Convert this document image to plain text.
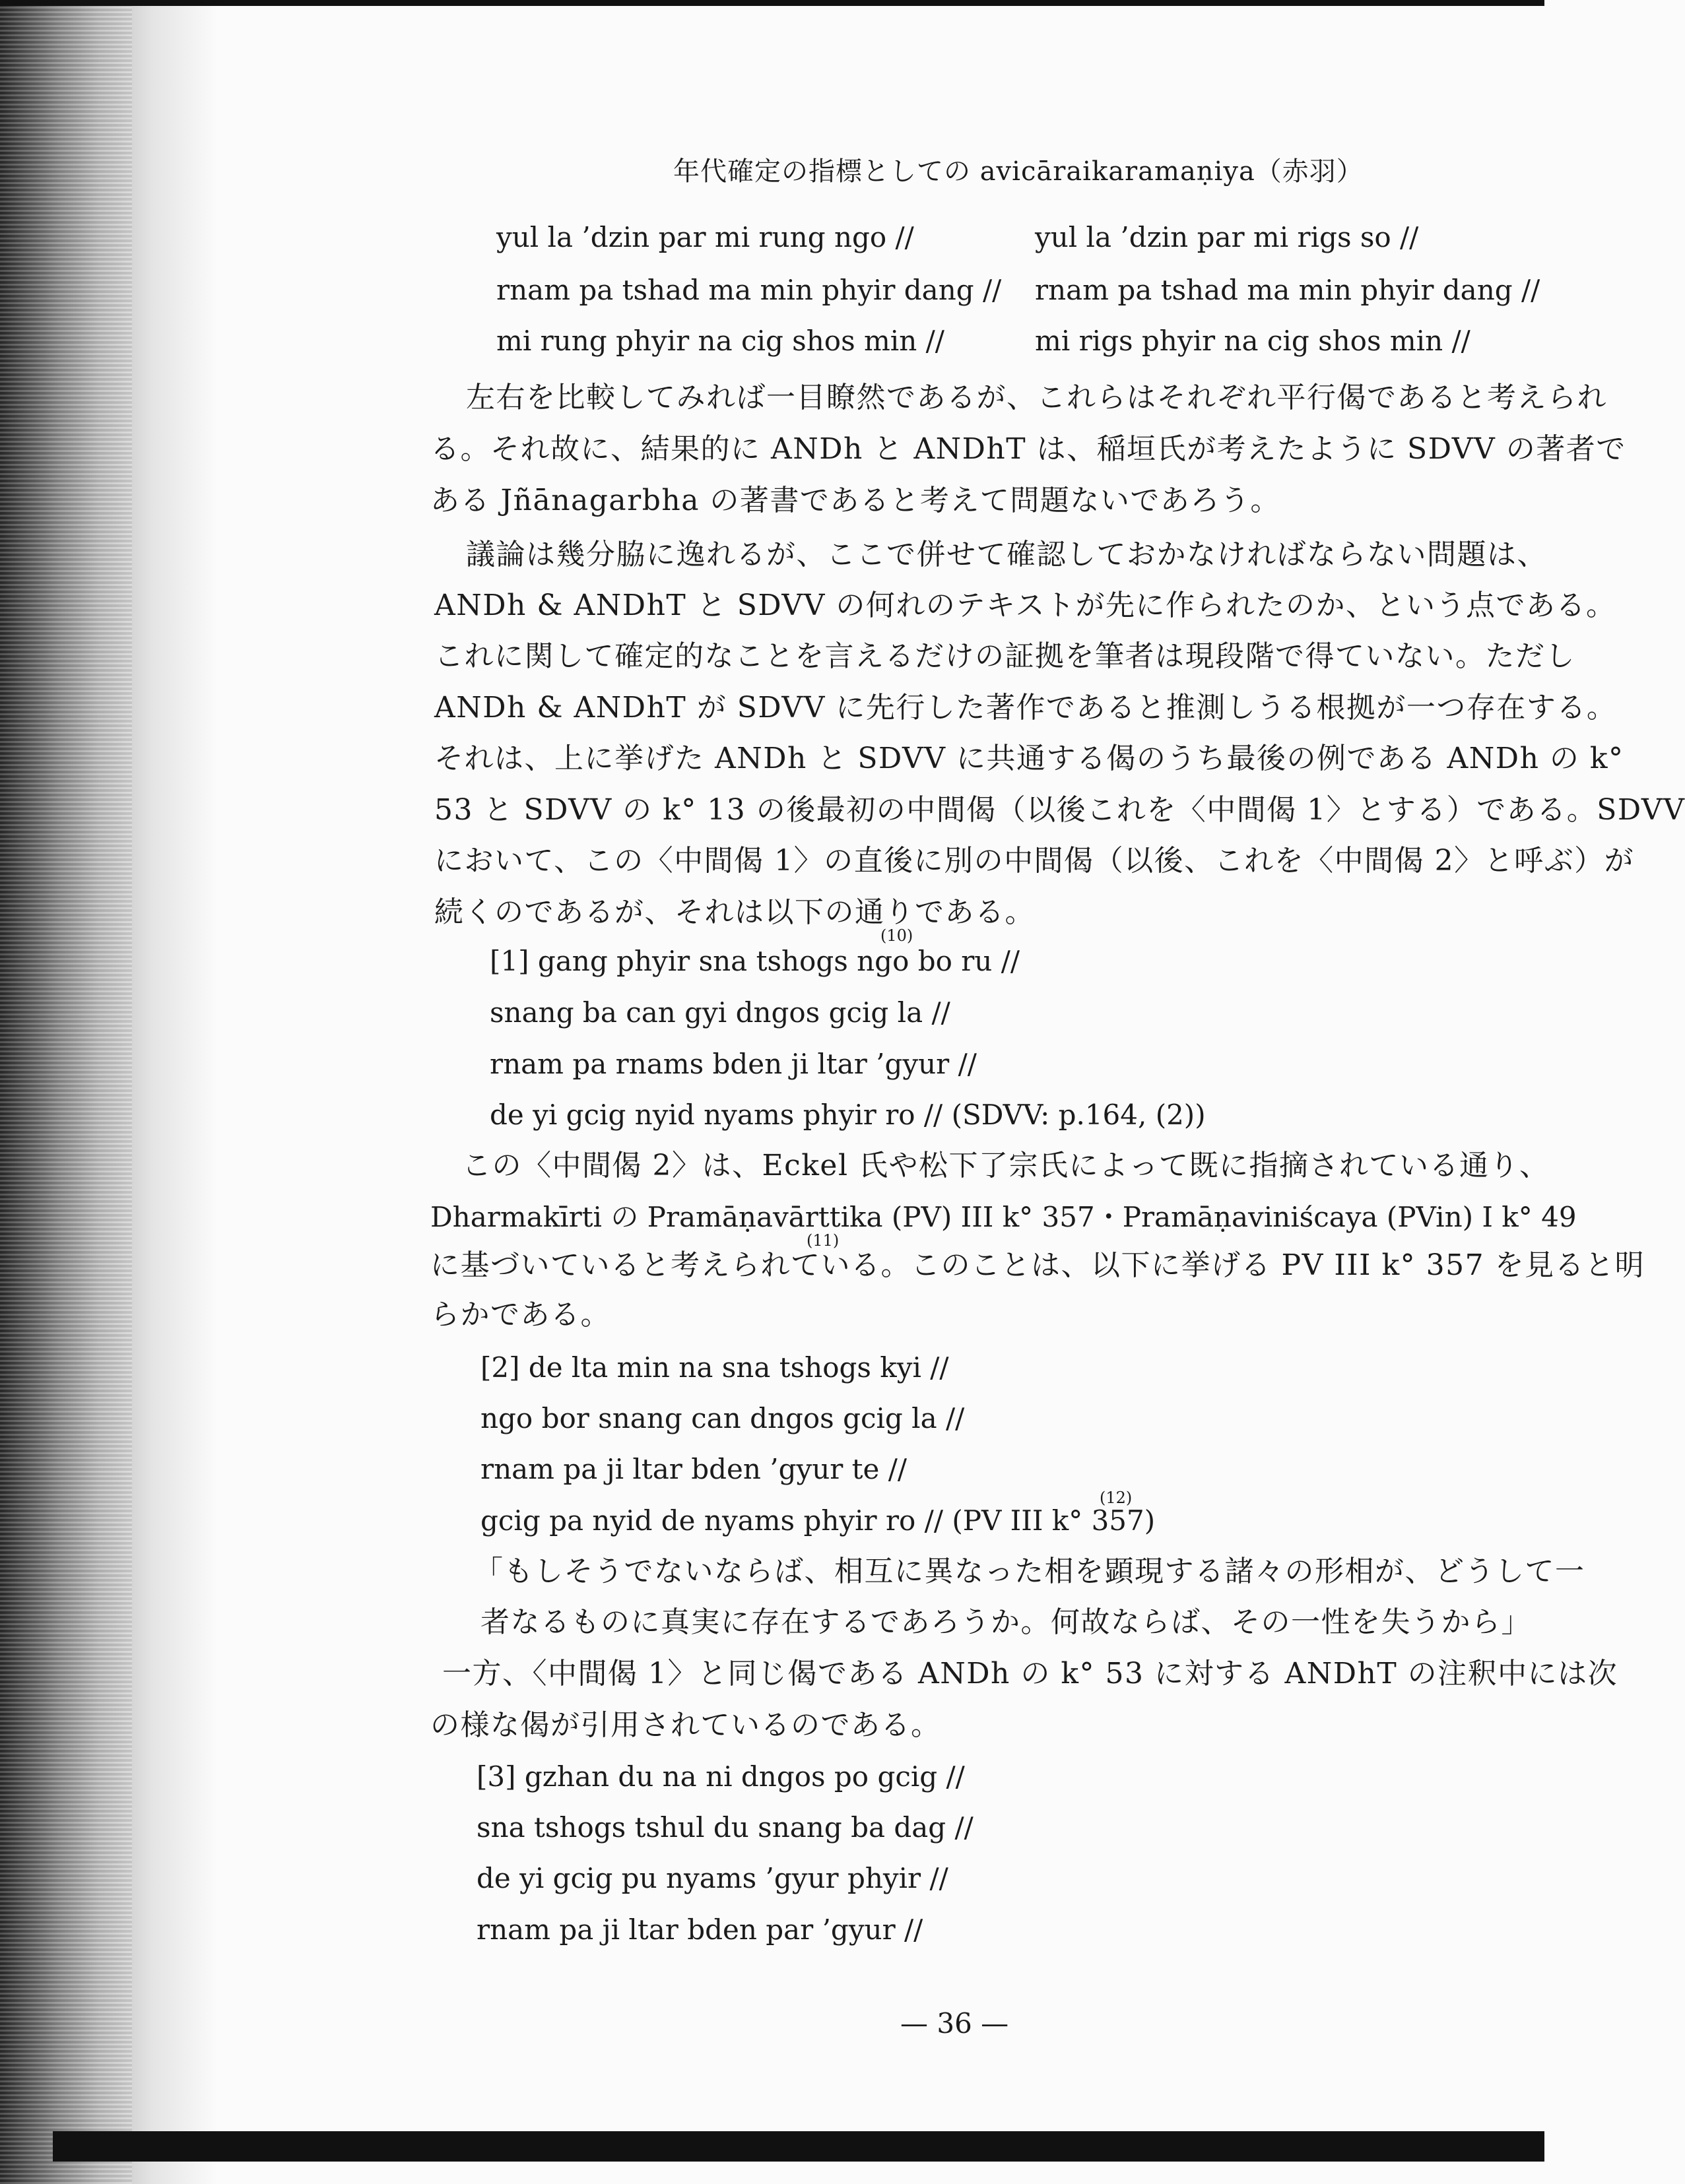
年代確定の指標としての avicāraikaramaṇiya（赤羽）
yul la ’dzin par mi rung ngo //
rnam pa tshad ma min phyir dang //
mi rung phyir na cig shos min //
yul la ’dzin par mi rigs so //
rnam pa tshad ma min phyir dang //
mi rigs phyir na cig shos min //
左右を比較してみれば一目瞭然であるが、これらはそれぞれ平行偈であると考えられ
る。それ故に、結果的に ANDh と ANDhT は、稲垣氏が考えたように SDVV の著者で
ある Jñānagarbha の著書であると考えて問題ないであろう。
議論は幾分脇に逸れるが、ここで併せて確認しておかなければならない問題は、
ANDh & ANDhT と SDVV の何れのテキストが先に作られたのか、という点である。
これに関して確定的なことを言えるだけの証拠を筆者は現段階で得ていない。ただし
ANDh & ANDhT が SDVV に先行した著作であると推測しうる根拠が一つ存在する。
それは、上に挙げた ANDh と SDVV に共通する偈のうち最後の例である ANDh の k°
53 と SDVV の k° 13 の後最初の中間偈（以後これを〈中間偈 1〉とする）である。SDVV
において、この〈中間偈 1〉の直後に別の中間偈（以後、これを〈中間偈 2〉と呼ぶ）が
続くのであるが、それは以下の通りである。
(10)
[1] gang phyir sna tshogs ngo bo ru //
snang ba can gyi dngos gcig la //
rnam pa rnams bden ji ltar ’gyur //
de yi gcig nyid nyams phyir ro // (SDVV: p.164, (2))
この〈中間偈 2〉は、Eckel 氏や松下了宗氏によって既に指摘されている通り、
Dharmakīrti の Pramāṇavārttika (PV) III k° 357・Pramāṇaviniścaya (PVin) I k° 49
(11)
に基づいていると考えられている。このことは、以下に挙げる PV III k° 357 を見ると明
らかである。
[2] de lta min na sna tshogs kyi //
ngo bor snang can dngos gcig la //
rnam pa ji ltar bden ’gyur te //
(12)
gcig pa nyid de nyams phyir ro // (PV III k° 357)
「もしそうでないならば、相互に異なった相を顕現する諸々の形相が、どうして一
者なるものに真実に存在するであろうか。何故ならば、その一性を失うから」
一方、〈中間偈 1〉と同じ偈である ANDh の k° 53 に対する ANDhT の注釈中には次
の様な偈が引用されているのである。
[3] gzhan du na ni dngos po gcig //
sna tshogs tshul du snang ba dag //
de yi gcig pu nyams ’gyur phyir //
rnam pa ji ltar bden par ’gyur //
— 36 —
